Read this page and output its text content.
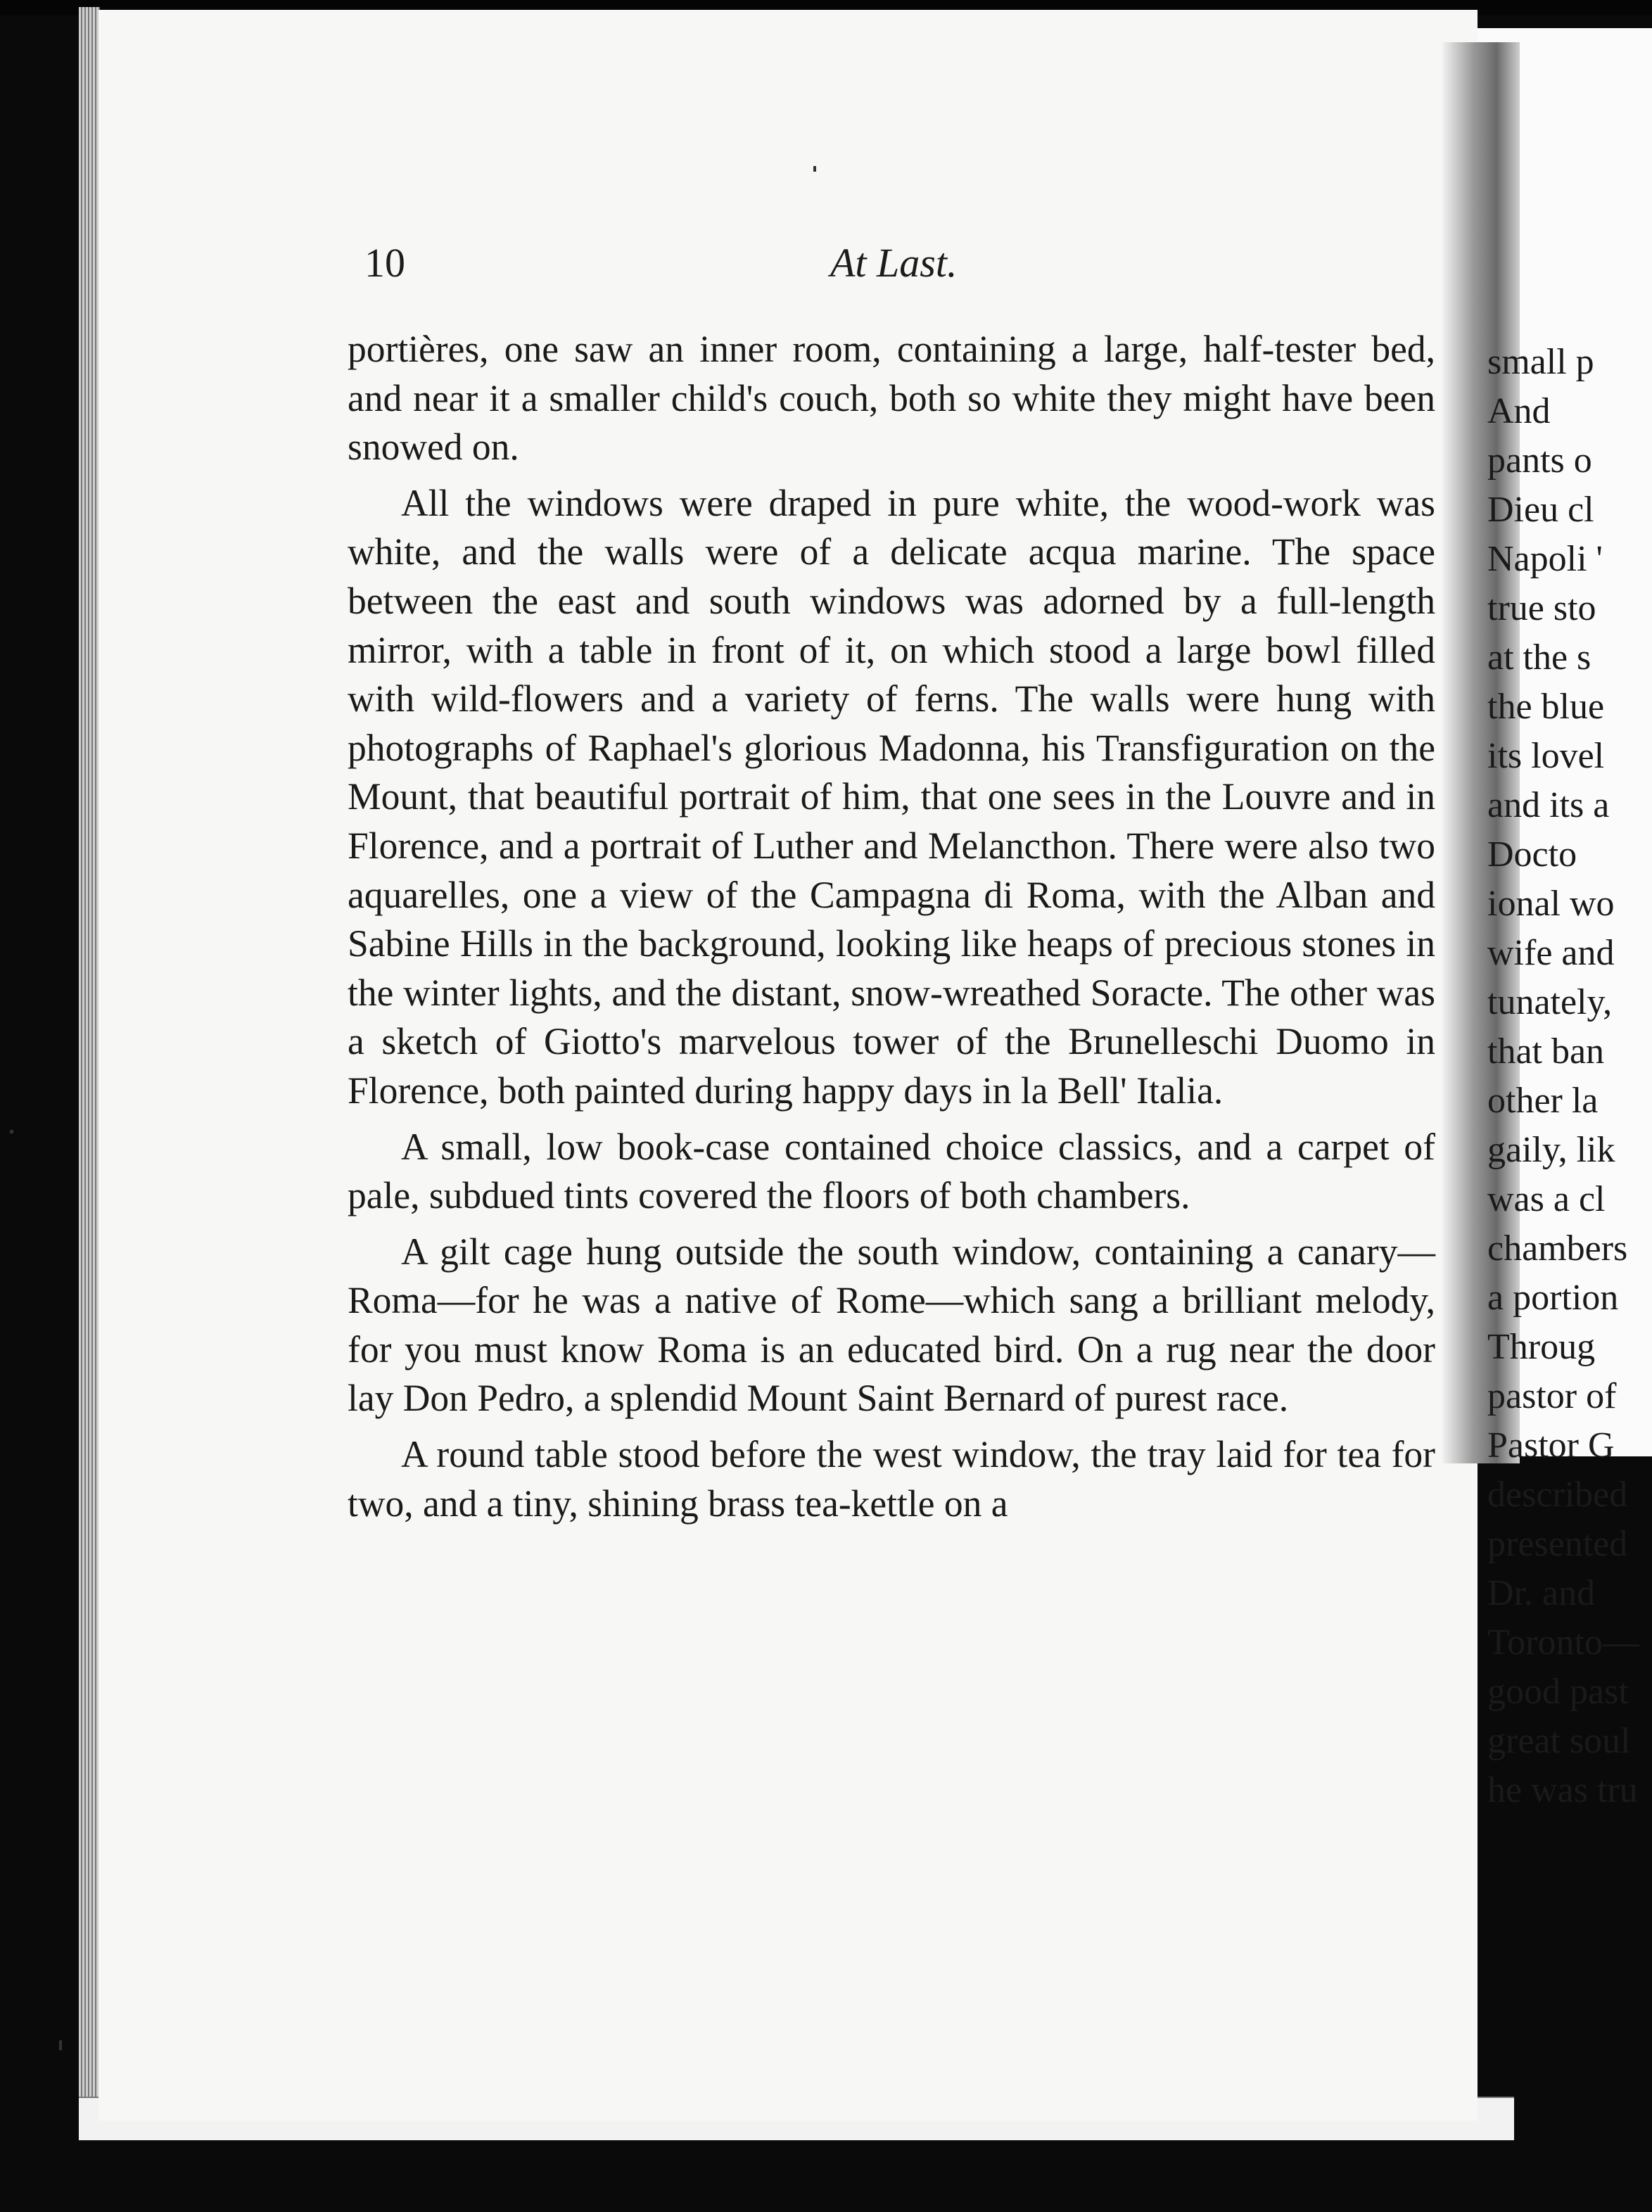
10	At Last.

portières, one saw an inner room, containing a large, half-tester bed, and near it a smaller child's couch, both so white they might have been snowed on.

All the windows were draped in pure white, the wood-work was white, and the walls were of a delicate acqua marine. The space between the east and south windows was adorned by a full-length mirror, with a table in front of it, on which stood a large bowl filled with wild-flowers and a variety of ferns. The walls were hung with photographs of Raphael's glorious Madonna, his Transfiguration on the Mount, that beautiful portrait of him, that one sees in the Louvre and in Florence, and a portrait of Luther and Melancthon. There were also two aquarelles, one a view of the Campagna di Roma, with the Alban and Sabine Hills in the background, looking like heaps of precious stones in the winter lights, and the distant, snow-wreathed Soracte. The other was a sketch of Giotto's marvelous tower of the Brunelleschi Duomo in Florence, both painted during happy days in la Bell' Italia.

A small, low book-case contained choice classics, and a carpet of pale, subdued tints covered the floors of both chambers.

A gilt cage hung outside the south window, containing a canary—Roma—for he was a native of Rome—which sang a brilliant melody, for you must know Roma is an educated bird. On a rug near the door lay Don Pedro, a splendid Mount Saint Bernard of purest race.

A round table stood before the west window, the tray laid for tea for two, and a tiny, shining brass tea-kettle on a

small p
And
pants o
Dieu cl
Napoli '
true sto
at the s
the blue
its lovel
and its a
Docto
ional wo
wife and
tunately,
that ban
other la
gaily, lik
was a cl
chambers
a portion
Throug
pastor of
Pastor G
described
presented
Dr. and
Toronto—
good past
great soul
he was tru
